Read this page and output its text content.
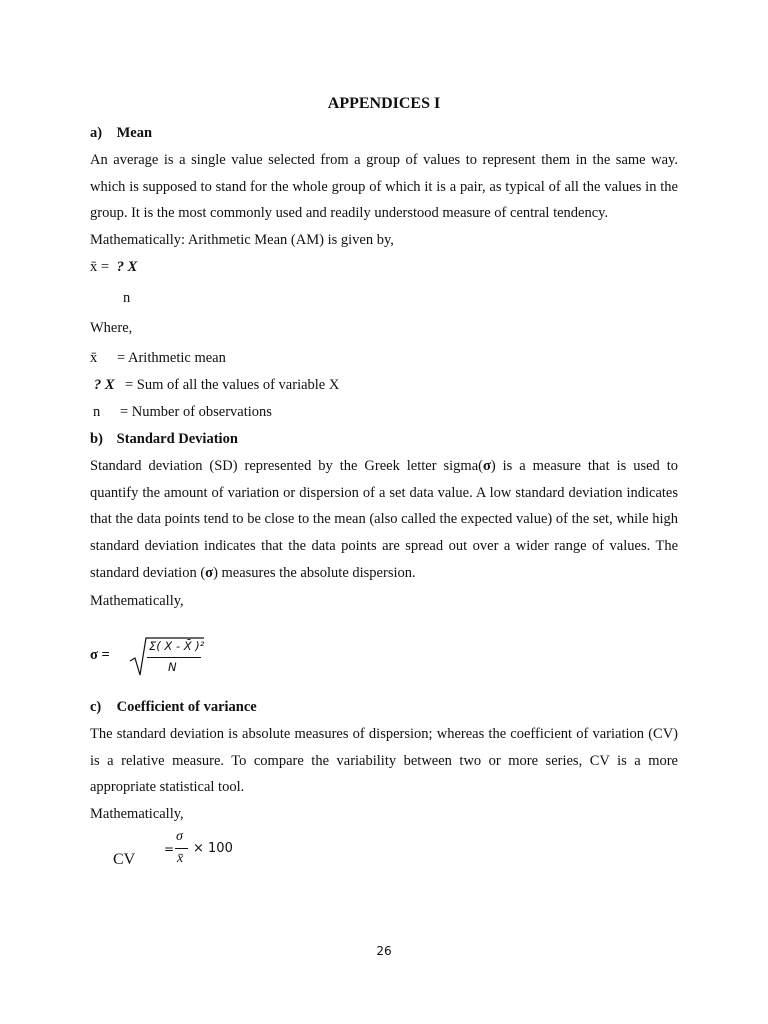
APPENDICES I
a) Mean
An average is a single value selected from a group of values to represent them in the same way. which is supposed to stand for the whole group of which it is a pair, as typical of all the values in the group. It is the most commonly used and readily understood measure of central tendency.
Mathematically: Arithmetic Mean (AM) is given by,
x̄ = ? X
n
Where,
x̄ = Arithmetic mean
? X = Sum of all the values of variable X
n = Number of observations
b) Standard Deviation
Standard deviation (SD) represented by the Greek letter sigma(σ) is a measure that is used to quantify the amount of variation or dispersion of a set data value. A low standard deviation indicates that the data points tend to be close to the mean (also called the expected value) of the set, while high standard deviation indicates that the data points are spread out over a wider range of values. The standard deviation (σ) measures the absolute dispersion.
Mathematically,
σ =
Σ( X - X̄ )²
N
c) Coefficient of variance
The standard deviation is absolute measures of dispersion; whereas the coefficient of variation (CV) is a relative measure. To compare the variability between two or more series, CV is a more appropriate statistical tool.
Mathematically,
CV
=
σ
x̄
× 100
26
